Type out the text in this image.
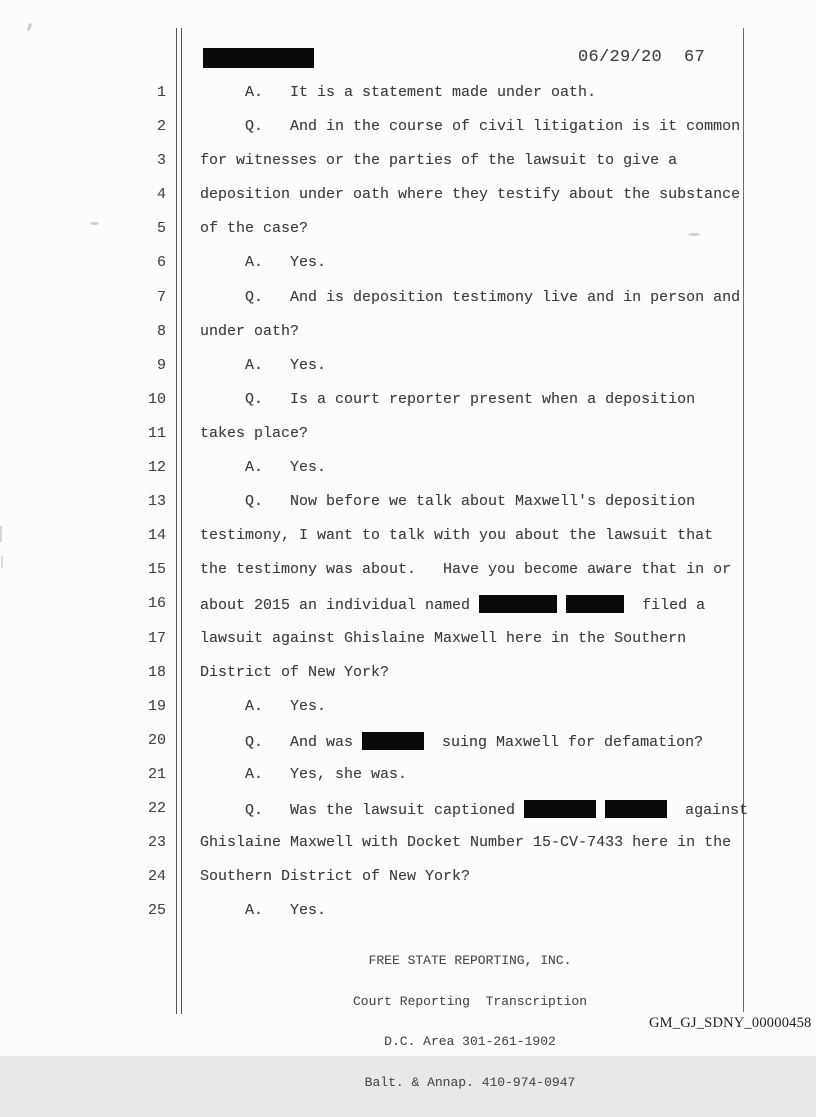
06/29/20 67
1 A.   It is a statement made under oath.
2 Q.   And in the course of civil litigation is it common
3 for witnesses or the parties of the lawsuit to give a
4 deposition under oath where they testify about the substance
5 of the case?
6 A.   Yes.
7 Q.   And is deposition testimony live and in person and
8 under oath?
9 A.   Yes.
10 Q.   Is a court reporter present when a deposition
11 takes place?
12 A.   Yes.
13 Q.   Now before we talk about Maxwell's deposition
14 testimony, I want to talk with you about the lawsuit that
15 the testimony was about.   Have you become aware that in or
16 about 2015 an individual named	filed a
17 lawsuit against Ghislaine Maxwell here in the Southern
18 District of New York?
19 A.   Yes.
20 Q.   And was	suing Maxwell for defamation?
21 A.   Yes, she was.
22 Q.   Was the lawsuit captioned	against
23 Ghislaine Maxwell with Docket Number 15-CV-7433 here in the
24 Southern District of New York?
25 A.   Yes.

FREE STATE REPORTING, INC.

Court Reporting  Transcription

D.C. Area 301-261-1902

Balt. & Annap. 410-974-0947

GM_GJ_SDNY_00000458
